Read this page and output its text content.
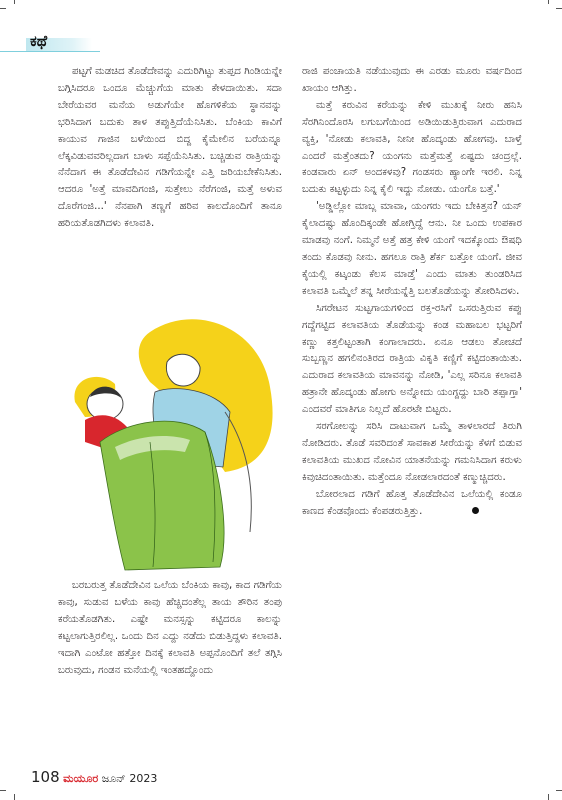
ಕಥೆ

ಪಟ್ಟಗೆ ಮಡಚಿದ ತೊಡೆದೇವನ್ನು ಎದುರಿಗಿಟ್ಟು ತುಪ್ಪದ ಗಿಂಡಿಯನ್ನೇ ಬಗ್ಗಿಸಿದರೂ ಒಂದೂ ಮೆಚ್ಚುಗೆಯ ಮಾತು ಕೇಳದಾಯಿತು. ಸದಾ ಬೇರೆಯವರ ಮನೆಯ ಅಡುಗೆಯೇ ಹೊಗಳಿಕೆಯ ಸ್ಥಾನವನ್ನು ಭರಿಸಿದಾಗ ಬದುಕು ತಾಳ ತಪ್ಪುತ್ತಿದೆಯೆನಿಸಿತು. ಬೆಂಕಿಯ ಕಾವಿಗೆ ಕಾಯುವ ಗಾಜಿನ ಬಳೆಯಿಂದ ಬಿದ್ದ ಕೈಮೇಲಿನ ಬರೆಯನ್ನೂ ಲೆಕ್ಕವಿಡುವವರಿಲ್ಲದಾಗ ಬಾಳು ಸಪ್ಪೆಯೆನಿಸಿತು. ಬಚ್ಚಿಡುವ ರಾತ್ರಿಯನ್ನು ನೆನೆದಾಗ ಈ ತೊಡೆದೇವಿನ ಗಡಿಗೆಯನ್ನೇ ಎತ್ತಿ ಜರಿಯಬೇಕೆನಿಸಿತು. ಆದರೂ 'ಅತ್ತೆ ಮಾವದಿಗಂಜಿ, ಸುತ್ತೇಲು ನೆರೆಗಂಜಿ, ಮತ್ತೆ ಅಳುವ ದೊರೆಗಂಜಿ...' ನೆನಪಾಗಿ ತಣ್ಣಗೆ ಹರಿವ ಕಾಲದೊಂದಿಗೆ ತಾನೂ ಹರಿಯತೊಡಗಿದಳು ಕಲಾವತಿ.

ಬರಬರುತ್ತ ತೊಡೆದೇವಿನ ಒಲೆಯ ಬೆಂಕಿಯ ಕಾವು, ಕಾದ ಗಡಿಗೆಯ ಕಾವು, ಸುಡುವ ಬಳೆಯ ಕಾವು ಹೆಚ್ಚಿದಂತೆಲ್ಲ ತಾಯ ತೌರಿನ ತಂಪು ಕರೆಯತೊಡಗಿತು. ಎಷ್ಟೇ ಮನಸ್ಸನ್ನು ಕಟ್ಟಿದರೂ ಕಾಲನ್ನು ಕಟ್ಟಲಾಗುತ್ತಿರಲಿಲ್ಲ. ಒಂದು ದಿನ ಎದ್ದು ನಡೆದು ಬಿಡುತ್ತಿದ್ದಳು ಕಲಾವತಿ. ಇದಾಗಿ ಎಂಟೋ ಹತ್ತೋ ದಿನಕ್ಕೆ ಕಲಾವತಿ ಅಪ್ಪನೊಂದಿಗೆ ತಲೆ ತಗ್ಗಿಸಿ ಬರುವುದು, ಗಂಡನ ಮನೆಯಲ್ಲಿ ಇಂತಹದ್ದೊಂದು

ರಾಜಿ ಪಂಚಾಯತಿ ನಡೆಯುವುದು ಈ ಎರಡು ಮೂರು ವರ್ಷದಿಂದ ಖಾಯಂ ಆಗಿತ್ತು.

ಮತ್ತೆ ಕರುವಿನ ಕರೆಯನ್ನು ಕೇಳಿ ಮುಖಕ್ಕೆ ನೀರು ಹನಿಸಿ ಸೆರಗಿನಿಂದೊರಸಿ ಲಗುಬಗೆಯಿಂದ ಅಡಿಯಿಡುತ್ತಿರುವಾಗ ಎದುರಾದ ವ್ಯಕ್ತಿ, 'ನೋಡು ಕಲಾವತಿ, ನೀನೀ ಹೊದ್ಕಂಡು ಹೋಗವು. ಬಾಳ್ತೆ ಎಂದರೆ ಮತ್ತೆಂತದು? ಯಂಗನು ಮತ್ತೆಮತ್ತೆ ಏಷ್ಟದು ಚಂದ್ರಲ್ಲೆ. ಕಂಡವಾರು ಏನ್ ಅಂದಕಳವು? ಗಂಡಸರು ಹ್ಯಾಂಗೇ ಇರಲಿ. ನಿನ್ನ ಬದುಕು ಕಟ್ಟಳ್ಳುದು ನಿನ್ನ ಕೈಲಿ ಇದ್ದು ನೋಡು. ಯಂಗೊ ಬತ್ತೆ.'

'ಅಡ್ಡಿಲ್ಲೋ ಮಾಬ್ಲ ಮಾವಾ, ಯಂಗರು ಇದು ಬೇಕಿತ್ತನ? ಯನ್ ಕೈಲಾದಷ್ಟು ಹೊಂದಿಕ್ಕಂಡೇ ಹೋಗ್ತಿದ್ದೆ ಆನು. ನೀ ಒಂದು ಉಪಕಾರ ಮಾಡವು ನಂಗೆ. ನಿಮ್ಮನೆ ಅತ್ತೆ ಹತ್ರ ಕೇಳಿ ಯಂಗೆ ಇದಕ್ಕೊಂದು ಔಷಧಿ ತಂದು ಕೊಡವು ನೀನು. ಹಗಲೂ ರಾತ್ರಿ ಶೆರ್ಕ ಬತ್ತೋ ಯಂಗೆ. ಜೀವ ಕೈಯಲ್ಲಿ ಕಟ್ಕಂಡು ಕೆಲಸ ಮಾಡ್ತೆ' ಎಂದು ಮಾತು ತುಂಡರಿಸಿದ ಕಲಾವತಿ ಒಮ್ಮೆಲೆ ತನ್ನ ಸೀರೆಯನ್ನೆತ್ತಿ ಬಲತೊಡೆಯನ್ನು ತೋರಿಸಿದಳು.

ಸಿಗರೇಟನ ಸುಟ್ಟಗಾಯಗಳಿಂದ ರಕ್ತ-ರಸಿಗೆ ಒಸರುತ್ತಿರುವ ಕಪ್ಪು ಗದ್ದೆಗಟ್ಟಿದ ಕಲಾವತಿಯ ತೊಡೆಯನ್ನು ಕಂಡ ಮಹಾಬಲ ಭಟ್ಟರಿಗೆ ಕಣ್ಣು ಕತ್ತಲಿಟ್ಟಂತಾಗಿ ಕಂಗಾಲಾದರು. ಏನೂ ಆಡಲು ತೋಚದೆ ಸುಬ್ಬಣ್ಣನ ಹಗಲಿನಂತಿರದ ರಾತ್ರಿಯ ವಿಕೃತಿ ಕಣ್ಣಿಗೆ ಕಟ್ಟಿದಂತಾಯಿತು. ಎದುರಾದ ಕಲಾವತಿಯ ಮಾವನನ್ನು ನೋಡಿ, 'ಎಲ್ಲ ಸರಿನೂ ಕಲಾವತಿ ಹತ್ರಾನೇ ಹೊದ್ಕಂಡು ಹೋಗು ಅನ್ನೋದು ಯಂಗ್ದದ್ದು ಬಾರಿ ತಪ್ಪಾಗ್ತಾ' ಎಂದವರೆ ಮಾತಿಗೂ ನಿಲ್ಲದೆ ಹೊರಟೇ ಬಿಟ್ಟರು.

ಸರಗೋಲನ್ನು ಸರಿಸಿ ದಾಟುವಾಗ ಒಮ್ಮೆ ತಾಳಲಾರದೆ ತಿರುಗಿ ನೋಡಿದರು. ತೊಡೆ ಸವರಿದಂತೆ ಸಾವಕಾಶ ಸೀರೆಯನ್ನು ಕೆಳಗೆ ಬಿಡುವ ಕಲಾವತಿಯ ಮುಖದ ನೋವಿನ ಯಾತನೆಯನ್ನು ಗಮನಿಸಿದಾಗ ಕರುಳು ಕಿವುಚಿದಂತಾಯಿತು. ಮತ್ತೆಂದೂ ನೋಡಲಾರದಂತೆ ಕಣ್ಮುಚ್ಚಿದರು.

ಬೋರಲಾದ ಗಡಿಗೆ ಹೊತ್ತ ತೊಡೆದೇವಿನ ಒಲೆಯಲ್ಲಿ ಕಂಡೂ ಕಾಣದ ಕೆಂಡವೊಂದು ಕೆಂಪಡರುತ್ತಿತ್ತು.

108 ಮಯೂರ ಜೂನ್ 2023
